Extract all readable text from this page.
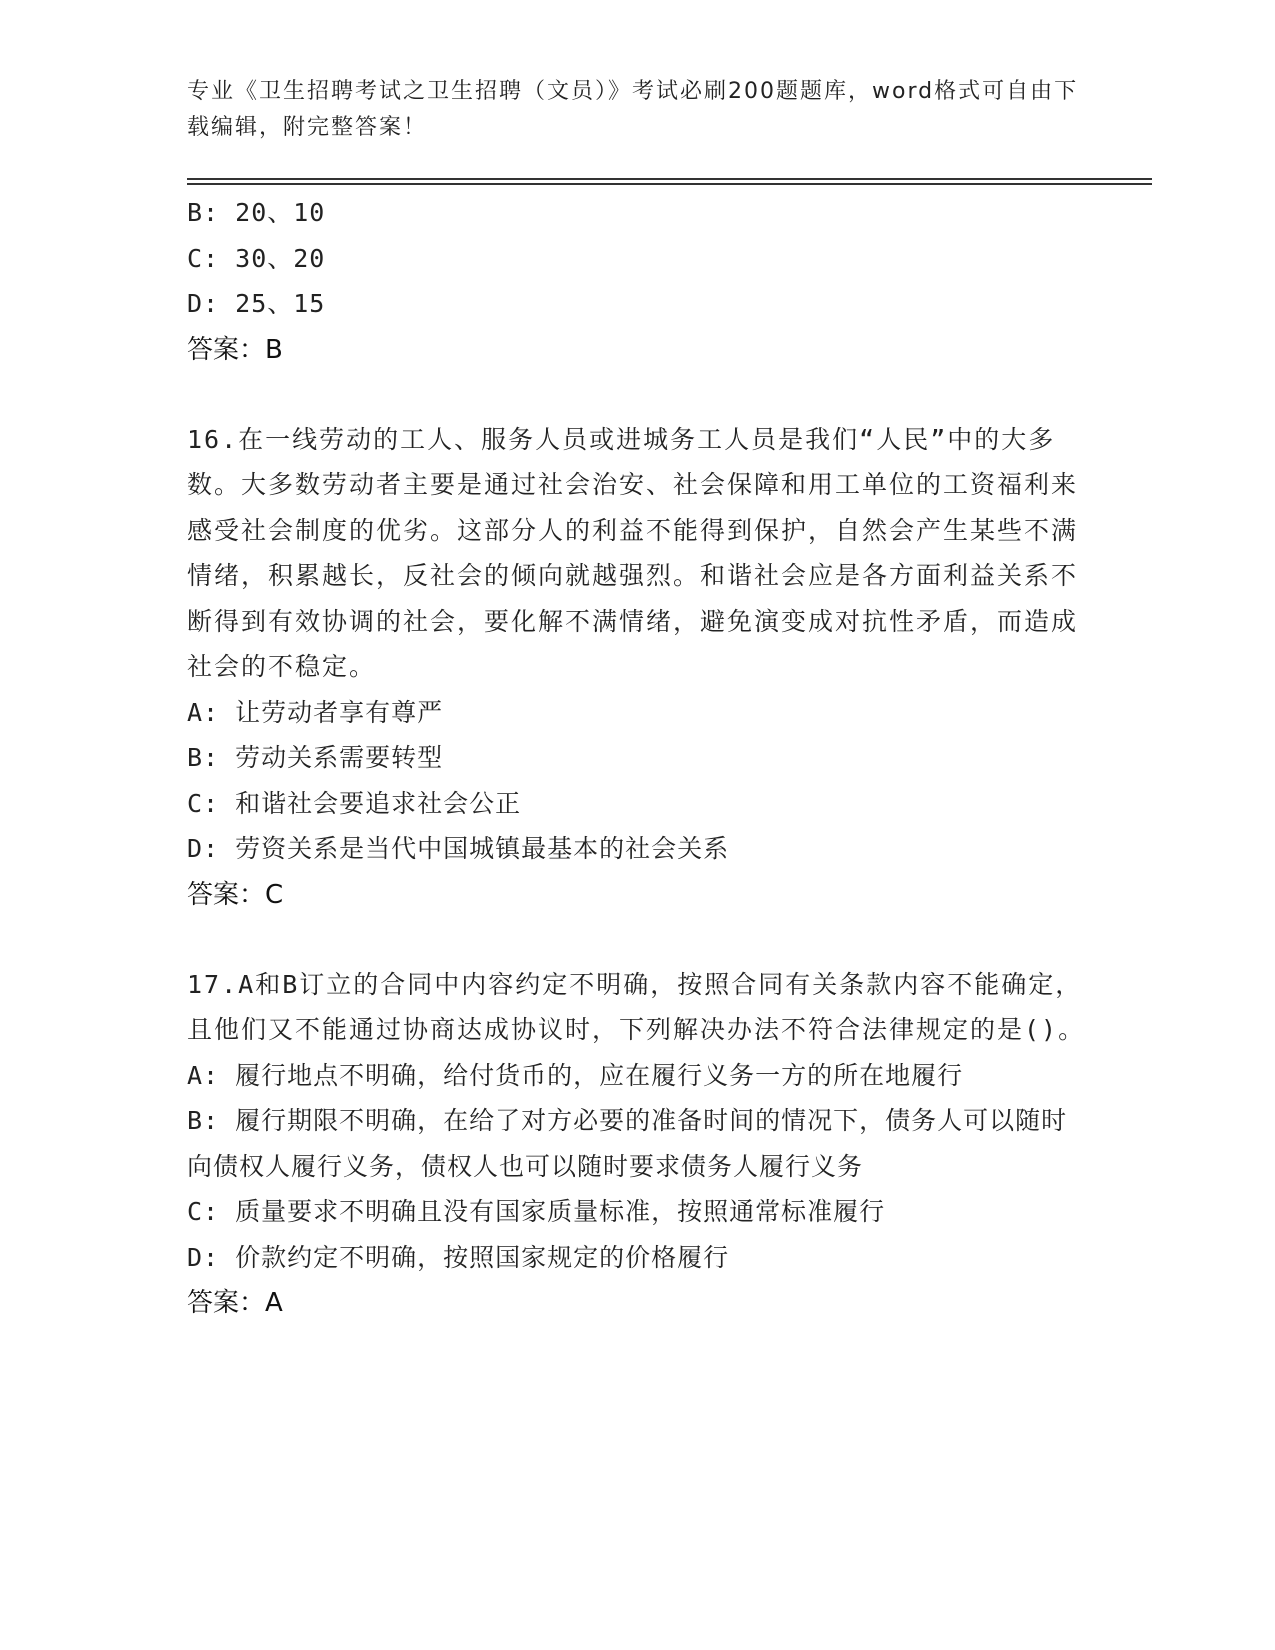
专业《卫生招聘考试之卫生招聘（文员）》考试必刷200题题库，word格式可自由下载编辑，附完整答案！
B: 20、10
C: 30、20
D: 25、15
答案：B
16.在一线劳动的工人、服务人员或进城务工人员是我们“人民”中的大多数。大多数劳动者主要是通过社会治安、社会保障和用工单位的工资福利来感受社会制度的优劣。这部分人的利益不能得到保护，自然会产生某些不满情绪，积累越长，反社会的倾向就越强烈。和谐社会应是各方面利益关系不断得到有效协调的社会，要化解不满情绪，避免演变成对抗性矛盾，而造成社会的不稳定。
A: 让劳动者享有尊严
B: 劳动关系需要转型
C: 和谐社会要追求社会公正
D: 劳资关系是当代中国城镇最基本的社会关系
答案：C
17.A和B订立的合同中内容约定不明确，按照合同有关条款内容不能确定，且他们又不能通过协商达成协议时，下列解决办法不符合法律规定的是()。
A: 履行地点不明确，给付货币的，应在履行义务一方的所在地履行
B: 履行期限不明确，在给了对方必要的准备时间的情况下，债务人可以随时向债权人履行义务，债权人也可以随时要求债务人履行义务
C: 质量要求不明确且没有国家质量标准，按照通常标准履行
D: 价款约定不明确，按照国家规定的价格履行
答案：A
